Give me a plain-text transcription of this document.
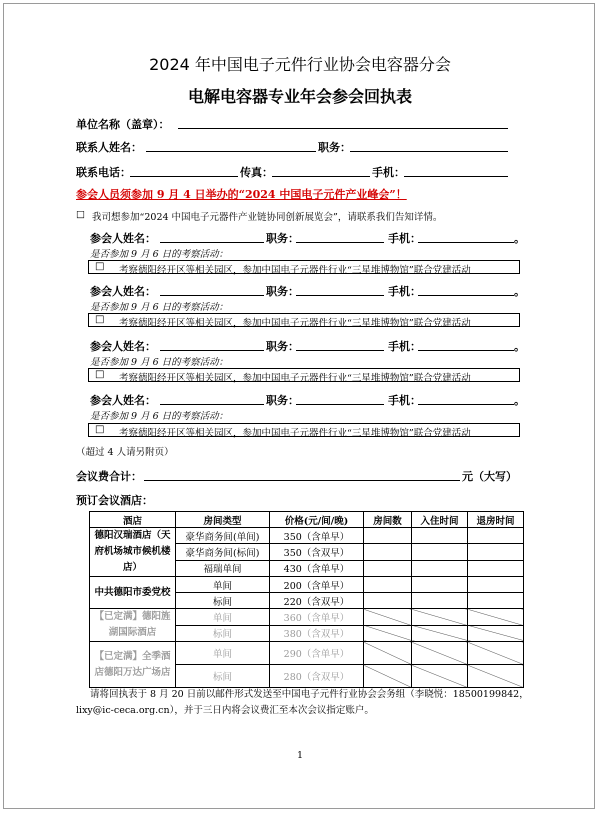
2024 年中国电子元件行业协会电容器分会
电解电容器专业年会参会回执表
单位名称（盖章）：
联系人姓名：	职务：
联系电话：	传真：	手机：
参会人员须参加 9 月 4 日举办的“2024 中国电子元件产业峰会”！
□ 我司想参加“2024 中国电子元器件产业链协同创新展览会”，请联系我们告知详情。
参会人姓名：	职务：	手机：	。
是否参加 9 月 6 日的考察活动：
□ 考察德阳经开区等相关园区，参加中国电子元器件行业“三星堆博物馆”联合党建活动
参会人姓名：	职务：	手机：	。
是否参加 9 月 6 日的考察活动：
□ 考察德阳经开区等相关园区，参加中国电子元器件行业“三星堆博物馆”联合党建活动
参会人姓名：	职务：	手机：	。
是否参加 9 月 6 日的考察活动：
□ 考察德阳经开区等相关园区，参加中国电子元器件行业“三星堆博物馆”联合党建活动
参会人姓名：	职务：	手机：	。
是否参加 9 月 6 日的考察活动：
□ 考察德阳经开区等相关园区，参加中国电子元器件行业“三星堆博物馆”联合党建活动
（超过 4 人请另附页）
会议费合计：	元（大写）
预订会议酒店：
酒店	房间类型	价格(元/间/晚)	房间数	入住时间	退房时间
德阳汉瑞酒店（天府机场城市候机楼店）	豪华商务间(单间)	350（含单早）			
	豪华商务间(标间)	350（含双早）			
	福瑞单间	430（含单早）			
中共德阳市委党校	单间	200（含单早）			
	标间	220（含双早）			
【已定满】德阳旌湖国际酒店	单间	360（含单早）			
	标间	380（含双早）			
【已定满】全季酒店德阳万达广场店	单间	290（含单早）			
	标间	280（含双早）			
请将回执表于 8 月 20 日前以邮件形式发送至中国电子元件行业协会会务组（李晓悦：18500199842，
lixy@ic-ceca.org.cn），并于三日内将会议费汇至本次会议指定账户。
1
